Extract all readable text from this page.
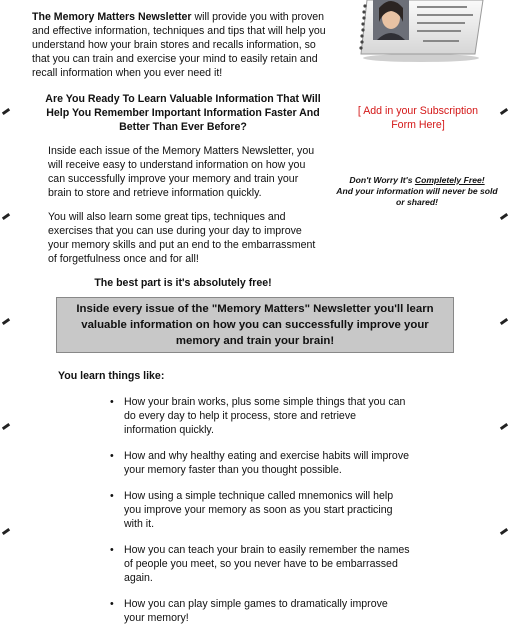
The Memory Matters Newsletter will provide you with proven and effective information, techniques and tips that will help you understand how your brain stores and recalls information, so that you can train and exercise your mind to easily retain and recall information when you ever need it!

Are You Ready To Learn Valuable Information That Will Help You Remember Important Information Faster And Better Than Ever Before?

Inside each issue of the Memory Matters Newsletter, you will receive easy to understand information on how you can successfully improve your memory and train your brain to store and retrieve information quickly.

You will also learn some great tips, techniques and exercises that you can use during your day to improve your memory skills and put an end to the embarrassment of forgetfulness once and for all!

The best part is it's absolutely free!

[ Add in your Subscription
Form Here]
Don't Worry It's Completely Free!
And your information will never be sold or shared!
Inside every issue of the "Memory Matters" Newsletter you'll learn valuable information on how you can successfully improve your memory and train your brain!
You learn things like:
• How your brain works, plus some simple things that you can do every day to help it process, store and retrieve information quickly.
• How and why healthy eating and exercise habits will improve your memory faster than you thought possible.
• How using a simple technique called mnemonics will help you improve your memory as soon as you start practicing with it.
• How you can teach your brain to easily remember the names of people you meet, so you never have to be embarrassed again.
• How you can play simple games to dramatically improve your memory!
